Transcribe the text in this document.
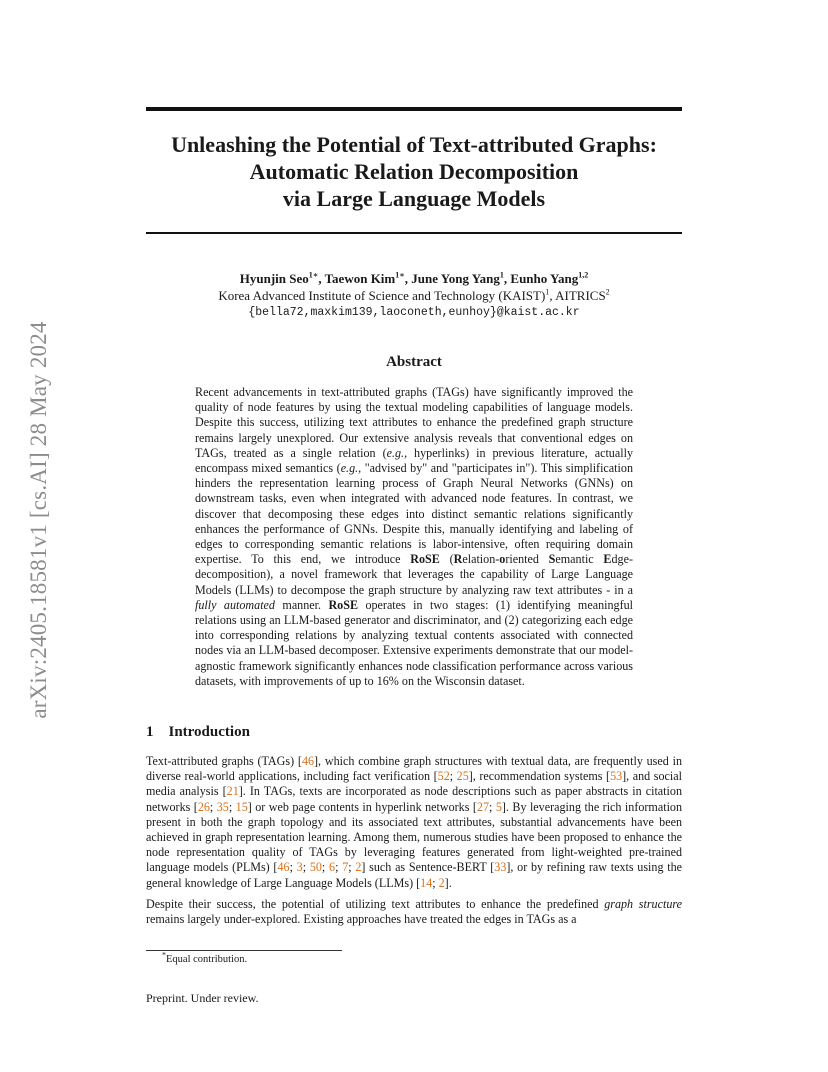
arXiv:2405.18581v1 [cs.AI] 28 May 2024
Unleashing the Potential of Text-attributed Graphs:
Automatic Relation Decomposition
via Large Language Models
Hyunjin Seo$^{1∗}$, Taewon Kim$^{1∗}$, June Yong Yang$^1$, Eunho Yang$^{1,2}$
Korea Advanced Institute of Science and Technology (KAIST)$^1$, AITRICS$^2$
{bella72,maxkim139,laoconeth,eunhoy}@kaist.ac.kr
Abstract
Recent advancements in text-attributed graphs (TAGs) have significantly improved the quality of node features by using the textual modeling capabilities of language models. Despite this success, utilizing text attributes to enhance the predefined graph structure remains largely unexplored. Our extensive analysis reveals that conventional edges on TAGs, treated as a single relation (e.g., hyperlinks) in previous literature, actually encompass mixed semantics (e.g., "advised by" and "participates in"). This simplification hinders the representation learning process of Graph Neural Networks (GNNs) on downstream tasks, even when integrated with advanced node features. In contrast, we discover that decomposing these edges into distinct semantic relations significantly enhances the performance of GNNs. Despite this, manually identifying and labeling of edges to corresponding semantic relations is labor-intensive, often requiring domain expertise. To this end, we introduce RoSE (Relation-oriented Semantic Edge-decomposition), a novel framework that leverages the capability of Large Language Models (LLMs) to decompose the graph structure by analyzing raw text attributes - in a fully automated manner. RoSE operates in two stages: (1) identifying meaningful relations using an LLM-based generator and discriminator, and (2) categorizing each edge into corresponding relations by analyzing textual contents associated with connected nodes via an LLM-based decomposer. Extensive experiments demonstrate that our model-agnostic framework significantly enhances node classification performance across various datasets, with improvements of up to 16% on the Wisconsin dataset.
1 Introduction

Text-attributed graphs (TAGs) [46], which combine graph structures with textual data, are frequently used in diverse real-world applications, including fact verification [52; 25], recommendation systems [53], and social media analysis [21]. In TAGs, texts are incorporated as node descriptions such as paper abstracts in citation networks [26; 35; 15] or web page contents in hyperlink networks [27; 5]. By leveraging the rich information present in both the graph topology and its associated text attributes, substantial advancements have been achieved in graph representation learning. Among them, numerous studies have been proposed to enhance the node representation quality of TAGs by leveraging features generated from light-weighted pre-trained language models (PLMs) [46; 3; 50; 6; 7; 2] such as Sentence-BERT [33], or by refining raw texts using the general knowledge of Large Language Models (LLMs) [14; 2].

Despite their success, the potential of utilizing text attributes to enhance the predefined graph structure remains largely under-explored. Existing approaches have treated the edges in TAGs as a

*Equal contribution.
Preprint. Under review.
